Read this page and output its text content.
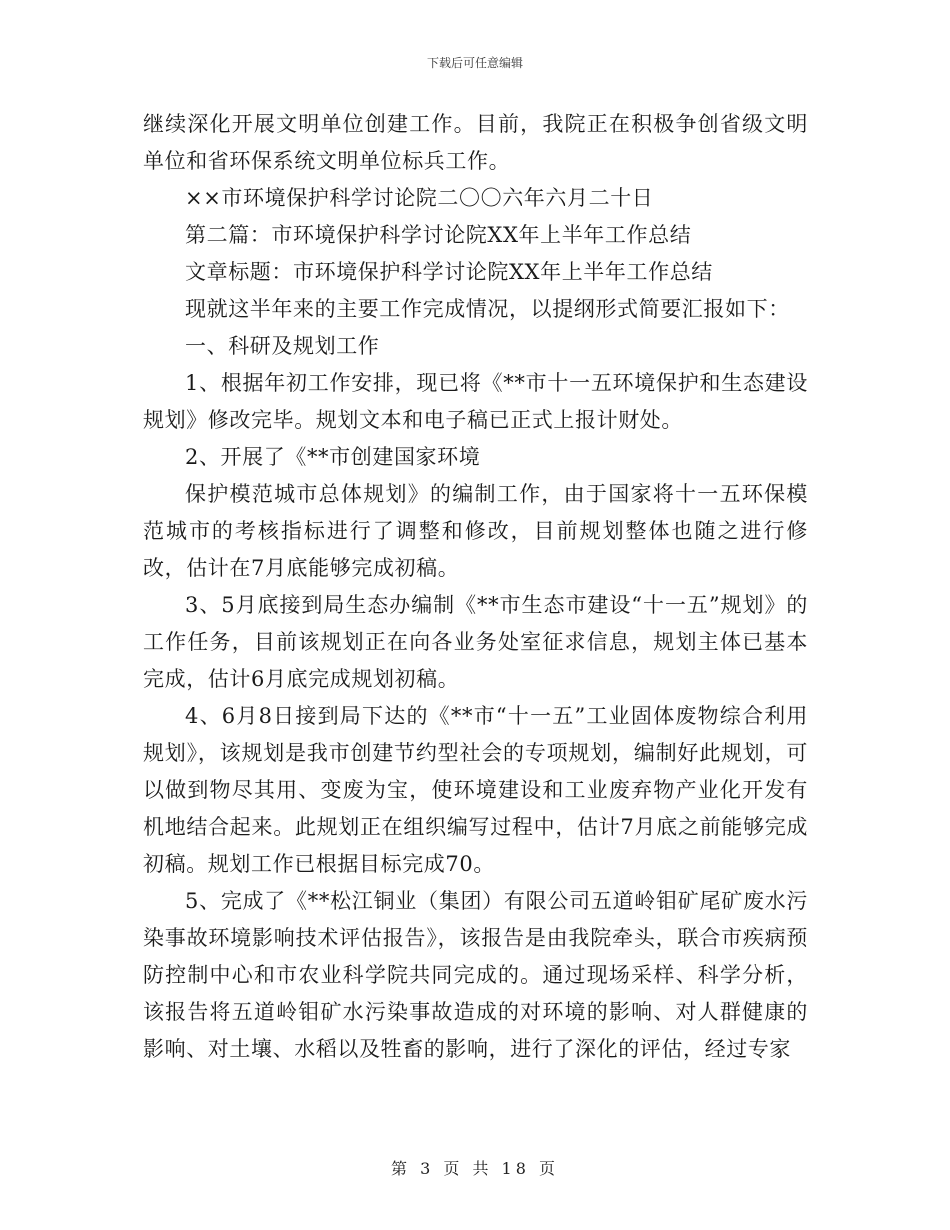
下载后可任意编辑

继续深化开展文明单位创建工作。目前，我院正在积极争创省级文明单位和省环保系统文明单位标兵工作。

××市环境保护科学讨论院二〇〇六年六月二十日

第二篇：市环境保护科学讨论院XX年上半年工作总结

文章标题：市环境保护科学讨论院XX年上半年工作总结

现就这半年来的主要工作完成情况，以提纲形式简要汇报如下：

一、科研及规划工作

1、根据年初工作安排，现已将《**市十一五环境保护和生态建设规划》修改完毕。规划文本和电子稿已正式上报计财处。

2、开展了《**市创建国家环境

保护模范城市总体规划》的编制工作，由于国家将十一五环保模范城市的考核指标进行了调整和修改，目前规划整体也随之进行修改，估计在7月底能够完成初稿。

3、5月底接到局生态办编制《**市生态市建设“十一五”规划》的工作任务，目前该规划正在向各业务处室征求信息，规划主体已基本完成，估计6月底完成规划初稿。

4、6月8日接到局下达的《**市“十一五”工业固体废物综合利用规划》，该规划是我市创建节约型社会的专项规划，编制好此规划，可以做到物尽其用、变废为宝，使环境建设和工业废弃物产业化开发有机地结合起来。此规划正在组织编写过程中，估计7月底之前能够完成初稿。规划工作已根据目标完成70。

5、完成了《**松江铜业（集团）有限公司五道岭钼矿尾矿废水污染事故环境影响技术评估报告》，该报告是由我院牵头，联合市疾病预防控制中心和市农业科学院共同完成的。通过现场采样、科学分析，该报告将五道岭钼矿水污染事故造成的对环境的影响、对人群健康的影响、对土壤、水稻以及牲畜的影响，进行了深化的评估，经过专家

第 3 页 共 18 页
